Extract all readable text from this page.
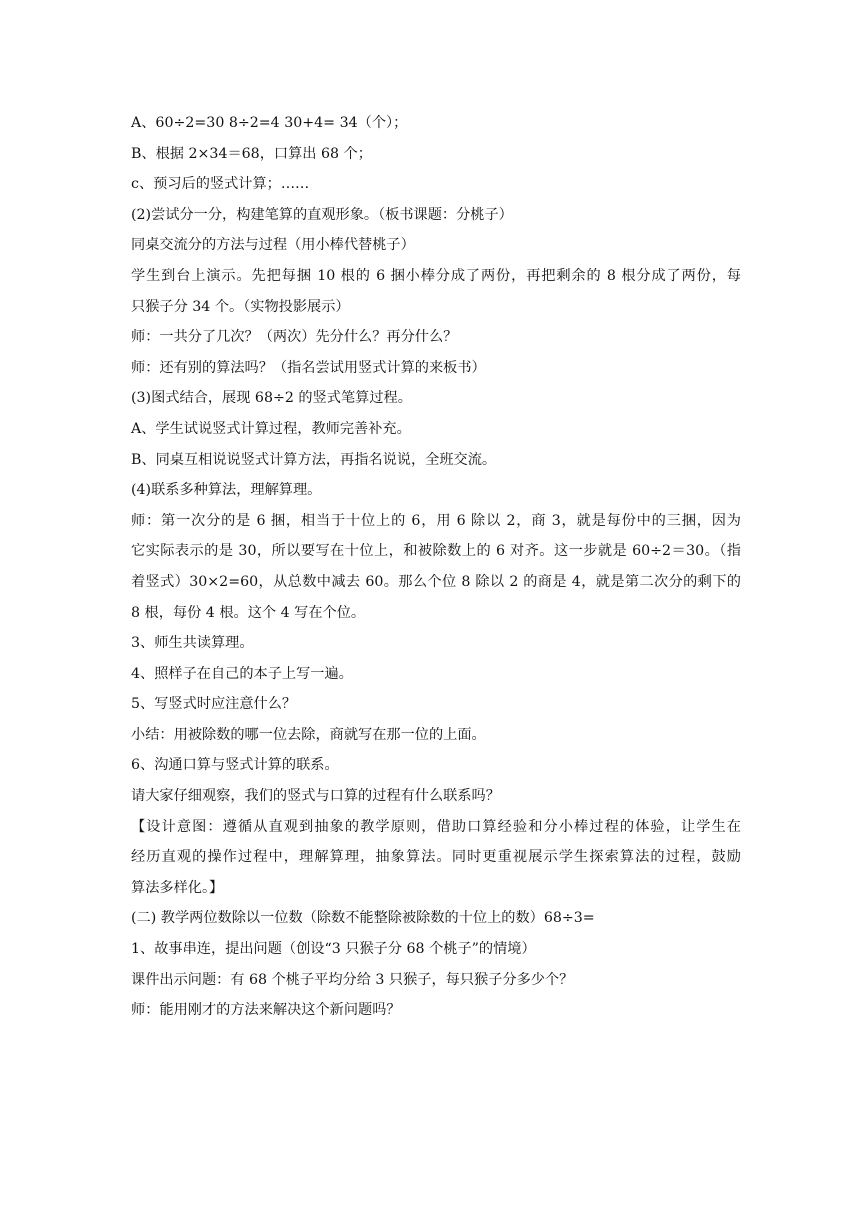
A、60÷2=30 8÷2=4 30+4= 34（个）；
B、根据 2×34＝68，口算出 68 个；
c、预习后的竖式计算；……
(2)尝试分一分，构建笔算的直观形象。（板书课题：分桃子）
同桌交流分的方法与过程（用小棒代替桃子）
学生到台上演示。先把每捆 10 根的 6 捆小棒分成了两份，再把剩余的 8 根分成了两份，每
只猴子分 34 个。（实物投影展示）
师：一共分了几次？（两次）先分什么？再分什么？
师：还有别的算法吗？（指名尝试用竖式计算的来板书）
(3)图式结合，展现 68÷2 的竖式笔算过程。
A、学生试说竖式计算过程，教师完善补充。
B、同桌互相说说竖式计算方法，再指名说说，全班交流。
(4)联系多种算法，理解算理。
师：第一次分的是 6 捆，相当于十位上的 6，用 6 除以 2，商 3，就是每份中的三捆，因为
它实际表示的是 30，所以要写在十位上，和被除数上的 6 对齐。这一步就是 60÷2＝30。（指
着竖式）30×2=60，从总数中减去 60。那么个位 8 除以 2 的商是 4，就是第二次分的剩下的
8 根，每份 4 根。这个 4 写在个位。
3、师生共读算理。
4、照样子在自己的本子上写一遍。
5、写竖式时应注意什么？
小结：用被除数的哪一位去除，商就写在那一位的上面。
6、沟通口算与竖式计算的联系。
请大家仔细观察，我们的竖式与口算的过程有什么联系吗？
【设计意图：遵循从直观到抽象的教学原则，借助口算经验和分小棒过程的体验，让学生在
经历直观的操作过程中，理解算理，抽象算法。同时更重视展示学生探索算法的过程，鼓励
算法多样化。】
(二) 教学两位数除以一位数（除数不能整除被除数的十位上的数）68÷3=
1、故事串连，提出问题（创设“3 只猴子分 68 个桃子”的情境）
课件出示问题：有 68 个桃子平均分给 3 只猴子，每只猴子分多少个？
师：能用刚才的方法来解决这个新问题吗？
